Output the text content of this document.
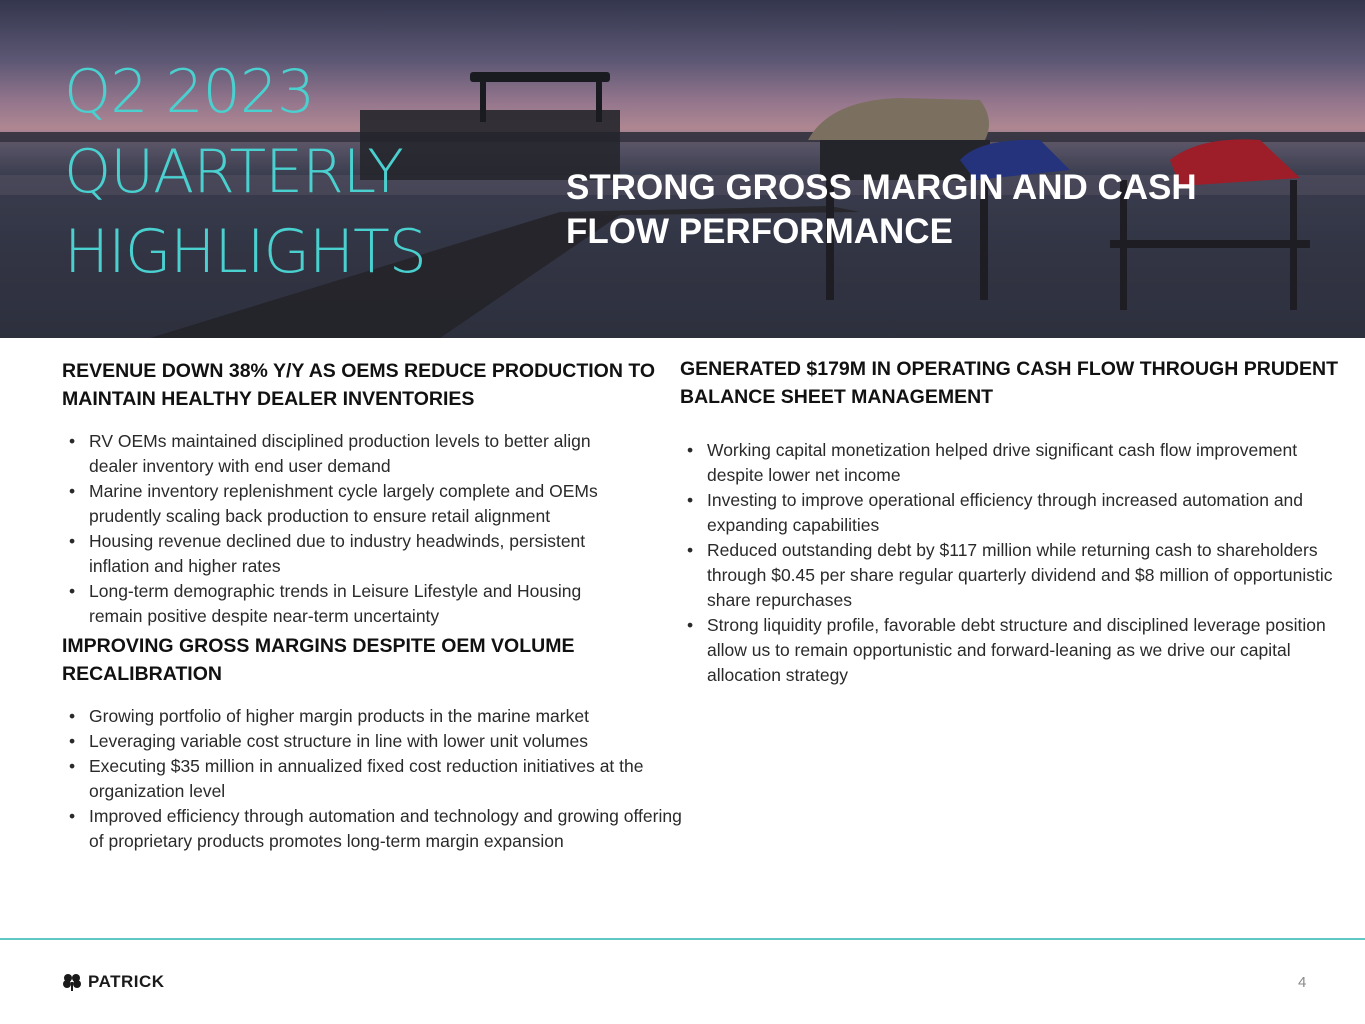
Q2 2023
QUARTERLY
HIGHLIGHTS
STRONG GROSS MARGIN AND CASH
FLOW PERFORMANCE
REVENUE DOWN 38% Y/Y AS OEMS REDUCE PRODUCTION TO MAINTAIN HEALTHY DEALER INVENTORIES
• RV OEMs maintained disciplined production levels to better align dealer inventory with end user demand
• Marine inventory replenishment cycle largely complete and OEMs prudently scaling back production to ensure retail alignment
• Housing revenue declined due to industry headwinds, persistent inflation and higher rates
• Long-term demographic trends in Leisure Lifestyle and Housing remain positive despite near-term uncertainty
IMPROVING GROSS MARGINS DESPITE OEM VOLUME RECALIBRATION
• Growing portfolio of higher margin products in the marine market
• Leveraging variable cost structure in line with lower unit volumes
• Executing $35 million in annualized fixed cost reduction initiatives at the organization level
• Improved efficiency through automation and technology and growing offering of proprietary products promotes long-term margin expansion
GENERATED $179M IN OPERATING CASH FLOW THROUGH PRUDENT BALANCE SHEET MANAGEMENT
• Working capital monetization helped drive significant cash flow improvement despite lower net income
• Investing to improve operational efficiency through increased automation and expanding capabilities
• Reduced outstanding debt by $117 million while returning cash to shareholders through $0.45 per share regular quarterly dividend and $8 million of opportunistic share repurchases
• Strong liquidity profile, favorable debt structure and disciplined leverage position allow us to remain opportunistic and forward-leaning as we drive our capital allocation strategy
PATRICK	4
